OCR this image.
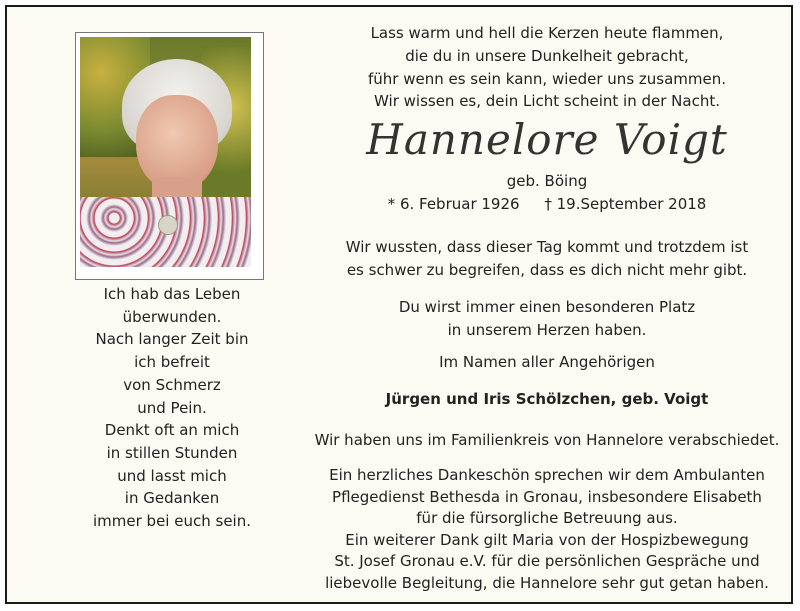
Ich hab das Leben
überwunden.
Nach langer Zeit bin
ich befreit
von Schmerz
und Pein.
Denkt oft an mich
in stillen Stunden
und lasst mich
in Gedanken
immer bei euch sein.
Lass warm und hell die Kerzen heute flammen,
die du in unsere Dunkelheit gebracht,
führ wenn es sein kann, wieder uns zusammen.
Wir wissen es, dein Licht scheint in der Nacht.
Hannelore Voigt
geb. Böing
* 6. Februar 1926 † 19.September 2018
Wir wussten, dass dieser Tag kommt und trotzdem ist
es schwer zu begreifen, dass es dich nicht mehr gibt.
Du wirst immer einen besonderen Platz
in unserem Herzen haben.
Im Namen aller Angehörigen
Jürgen und Iris Schölzchen, geb. Voigt
Wir haben uns im Familienkreis von Hannelore verabschiedet.
Ein herzliches Dankeschön sprechen wir dem Ambulanten
Pflegedienst Bethesda in Gronau, insbesondere Elisabeth
für die fürsorgliche Betreuung aus.
Ein weiterer Dank gilt Maria von der Hospizbewegung
St. Josef Gronau e.V. für die persönlichen Gespräche und
liebevolle Begleitung, die Hannelore sehr gut getan haben.
